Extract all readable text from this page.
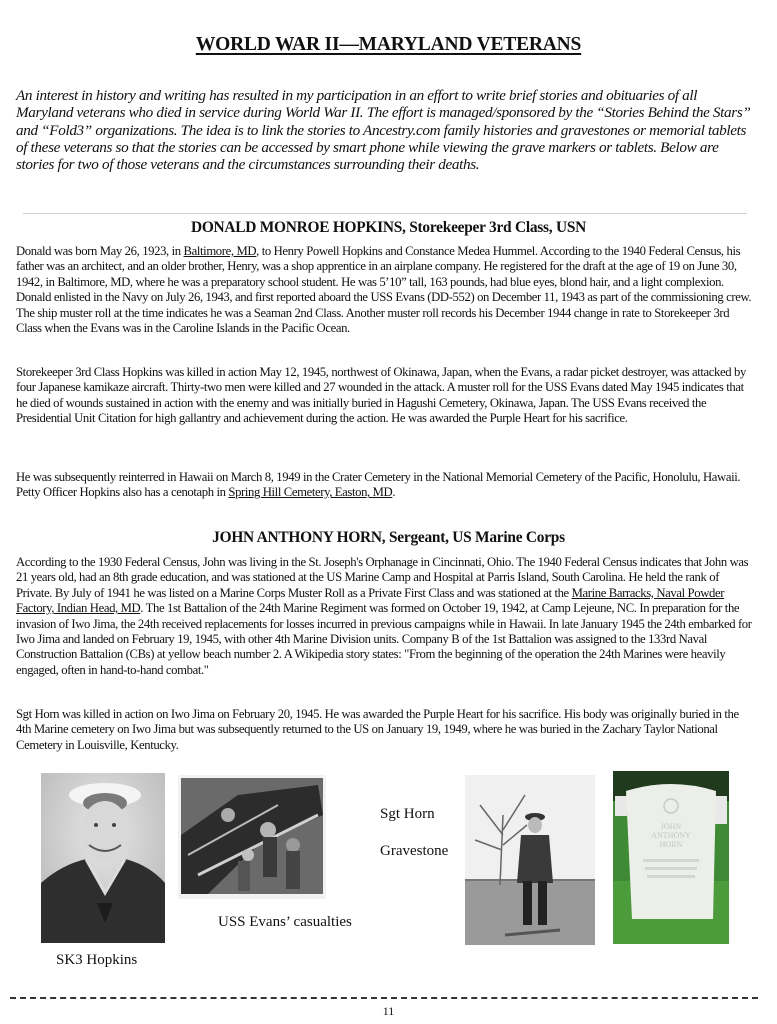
WORLD WAR II—MARYLAND VETERANS

An interest in history and writing has resulted in my participation in an effort to write brief stories and obituaries of all Maryland veterans who died in service during World War II. The effort is managed/sponsored by the “Stories Behind the Stars” and “Fold3” organizations. The idea is to link the stories to Ancestry.com family histories and gravestones or memorial tablets of these veterans so that the stories can be accessed by smart phone while viewing the grave markers or tablets. Below are stories for two of those veterans and the circumstances surrounding their deaths.

DONALD MONROE HOPKINS, Storekeeper 3rd Class, USN

Donald was born May 26, 1923, in Baltimore, MD, to Henry Powell Hopkins and Constance Medea Hummel. According to the 1940 Federal Census, his father was an architect, and an older brother, Henry, was a shop apprentice in an airplane company. He registered for the draft at the age of 19 on June 30, 1942, in Baltimore, MD, where he was a preparatory school student. He was 5’10” tall, 163 pounds, had blue eyes, blond hair, and a light complexion. Donald enlisted in the Navy on July 26, 1943, and first reported aboard the USS Evans (DD-552) on December 11, 1943 as part of the commissioning crew. The ship muster roll at the time indicates he was a Seaman 2nd Class. Another muster roll records his December 1944 change in rate to Storekeeper 3rd Class when the Evans was in the Caroline Islands in the Pacific Ocean.

Storekeeper 3rd Class Hopkins was killed in action May 12, 1945, northwest of Okinawa, Japan, when the Evans, a radar picket destroyer, was attacked by four Japanese kamikaze aircraft. Thirty-two men were killed and 27 wounded in the attack. A muster roll for the USS Evans dated May 1945 indicates that he died of wounds sustained in action with the enemy and was initially buried in Hagushi Cemetery, Okinawa, Japan. The USS Evans received the Presidential Unit Citation for high gallantry and achievement during the action. He was awarded the Purple Heart for his sacrifice.

He was subsequently reinterred in Hawaii on March 8, 1949 in the Crater Cemetery in the National Memorial Cemetery of the Pacific, Honolulu, Hawaii. Petty Officer Hopkins also has a cenotaph in Spring Hill Cemetery, Easton, MD.

JOHN ANTHONY HORN, Sergeant, US Marine Corps

According to the 1930 Federal Census, John was living in the St. Joseph's Orphanage in Cincinnati, Ohio. The 1940 Federal Census indicates that John was 21 years old, had an 8th grade education, and was stationed at the US Marine Camp and Hospital at Parris Island, South Carolina. He held the rank of Private. By July of 1941 he was listed on a Marine Corps Muster Roll as a Private First Class and was stationed at the Marine Barracks, Naval Powder Factory, Indian Head, MD. The 1st Battalion of the 24th Marine Regiment was formed on October 19, 1942, at Camp Lejeune, NC. In preparation for the invasion of Iwo Jima, the 24th received replacements for losses incurred in previous campaigns while in Hawaii. In late January 1945 the 24th embarked for Iwo Jima and landed on February 19, 1945, with other 4th Marine Division units. Company B of the 1st Battalion was assigned to the 133rd Naval Construction Battalion (CBs) at yellow beach number 2. A Wikipedia story states: "From the beginning of the operation the 24th Marines were heavily engaged, often in hand-to-hand combat."

Sgt Horn was killed in action on Iwo Jima on February 20, 1945. He was awarded the Purple Heart for his sacrifice. His body was originally buried in the 4th Marine cemetery on Iwo Jima but was subsequently returned to the US on January 19, 1949, where he was buried in the Zachary Taylor National Cemetery in Louisville, Kentucky.

JOHN
ANTHONY
HORN
SK3 Hopkins
USS Evans’ casualties
Sgt Horn
Gravestone
11
